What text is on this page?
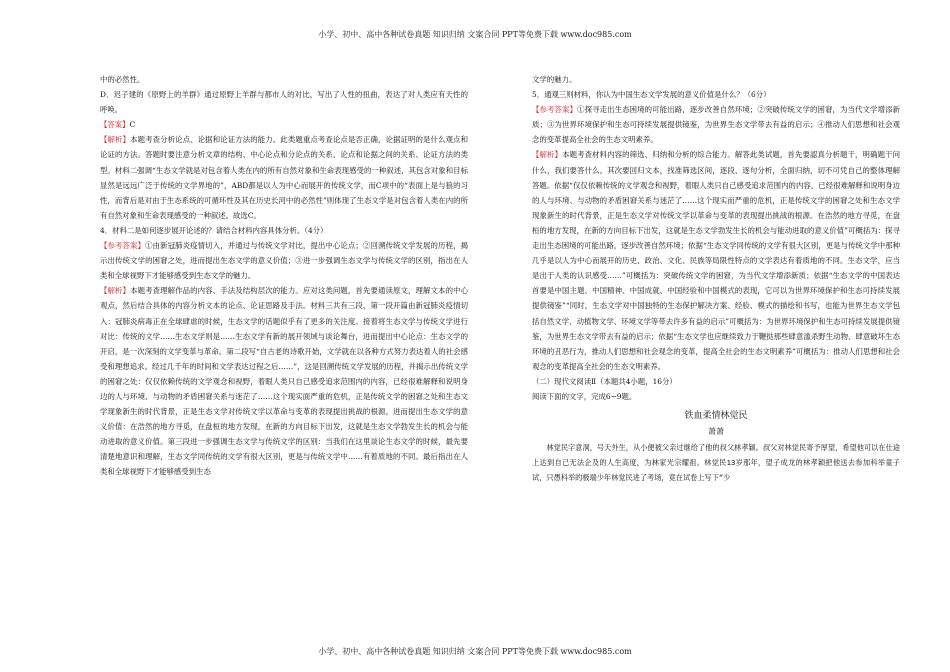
小学、初中、高中各种试卷真题 知识归纳 文案合同 PPT等免费下载 www.doc985.com

中的必然性。

D．迟子建的《原野上的羊群》通过原野上羊群与都市人的对比，写出了人性的扭曲，表达了对人类应有天性的呼唤。

【答案】C

【解析】本题考查分析论点、论据和论证方法的能力。此类题重点考查论点是否正确，论据证明的是什么观点和论证的方法。答题时要注意分析文章的结构、中心论点和分论点的关系、论点和论据之间的关系、论证方法的类型。材料二强调“生态文学就是对包含着人类在内的所有自然对象和生命表现感受的一种叙述，其包含对象和目标显然是远远广泛于传统的文学界地的”，ABD都是以人为中心而展开的传统文学，而C项中的“表面上是与狼的习性，而背后是对由于生态系统的可循环性及其在历史长河中的必然性”则体现了生态文学是对包含着人类在内的所有自然对象和生命表现感受的一种叙述。故选C。

4．材料二是如何逐步展开论述的？请结合材料内容具体分析。（4分）

【参考答案】①由新冠肺炎疫情切入，并通过与传统文学对比，提出中心论点；②回溯传统文学发展的历程，揭示出传统文学的困窘之处，进而提出生态文学的意义价值；③进一步强调生态文学与传统文学的区别，指出在人类和全球视野下才能够感受到生态文学的魅力。

【解析】本题考查理解作品的内容、手法及结构层次的能力。应对这类问题，首先要通读原文，理解文本的中心观点，然后结合具体的内容分析文本的论点、论证思路及手法。材料三共有三段，第一段开篇由新冠肺炎疫情切入：冠肺炎病毒正在全球肆虐的时候，生态文学的话题似乎有了更多的关注度。接着将生态文学与传统文学进行对比：传统的文学……生态文学则是……生态文学有新的展开领域与谈论舞台，进而提出中心论点：生态文学的开启，是一次深刻的文学变革与革命。第二段写“自古老的诗歌开始，文学就在以各种方式努力表达着人的社会感受和理想追求。经过几千年的时间和文学表达过程之后……”，这是回溯传统文学发展的历程，并揭示出传统文学的困窘之处：仅仅依赖传统的文学观念和视野，着眼人类只自己感受追求范围内的内容，已经很难解释和说明身边的人与环境、与动物的矛盾困窘关系与迷茫了……这个现实面严重的危机，正是传统文学的困窘之处和生态文学现象新生的时代背景，正是生态文学对传统文学以革命与变革的表现提出挑战的根源。进而提出生态文学的意义价值：在浩然的地方寻觅，在盘桓的地方发现，在新的方向目标下出发，这就是生态文学勃发生长的机会与能动进取的意义价值。第三段进一步强调生态文学与传统文学的区别：当我们在这里谈论生态文学的时候，最先要清楚地意识和理解，生态文学同传统的文学有很大区别，更是与传统文学中……有着质地的不同。最后指出在人类和全球视野下才能够感受到生态

文学的魅力。

5．通观三则材料，你认为中国生态文学发展的意义价值是什么？（6分）

【参考答案】①探寻走出生态困境的可能出路，逐步改善自然环境；②突破传统文学的困窘，为当代文学增添新质；③为世界环境保护和生态可持续发展提供镜鉴，为世界生态文学带去有益的启示；④推动人们思想和社会观念的变革提高全社会的生态文明素养。

【解析】本题考查材料内容的筛选、归纳和分析的综合能力。解答此类试题，首先要認真分析题干，明确题干问什么，我们要答什么。其次要回归文本，找准筛选区间，逐段、逐句分析，全面归纳，切不可凭自己的整体理解答题。依据“仅仅依赖传统的文学观念和视野，着眼人类只自己感受追求范围内的内容，已经很难解释和说明身边的人与环境、与动物的矛盾困窘关系与迷茫了……这个现实而严重的危机，正是传统文学的困窘之处和生态文学现象新生的时代背景，正是生态文学对传统文学以革命与变革的表现提出挑战的根源。在浩然的地方寻觅，在盘桓的地方发现，在新的方向目标下出发，这就是生态文学勃发生长的机会与能动进取的意义价值”可概括为：探寻走出生态困境的可能出路，逐步改善自然环境；依据“生态文学同传统的文学有很大区别，更是与传统文学中那种几乎是以人为中心而展开的历史、政治、文化、民族等局限性特点的文学表达有着质地的不同。生态文学，应当是出于人类的认识感受……”可概括为：突破传统文学的困窘，为当代文学增添新质；依据“生态文学的中国表达首要是中国主题、中国精神、中国成就、中国经验和中国模式的表现，它可以为世界环境保护和生态可持续发展提供镜鉴”“同时，生态文学对中国独特的生态保护解决方案、经验、模式的描绘和书写，也能为世界生态文学包括自然文学、动植物文学、环境文学等带去许多有益的启示”可概括为：为世界环境保护和生态可持续发展提供镜鉴，为世界生态文学带去有益的启示；依据“生态文学也应继续致力于鞭挞那些肆意滥杀野生动物、肆意破坏生态环境的丑恶行为，推动人们思想和社会观念的变革，提高全社会的生态文明素养”可概括为：推动人们思想和社会观念的变革提高全社会的生态文明素养。

（二）现代文阅读Ⅱ（本题共4小题，16分）

阅读下面的文字，完成6~9题。

铁血柔情林觉民

萧萧

林觉民字意洞，号天外生，从小便被父亲过继给了他的叔父林孝颖。叔父对林觉民寄予厚望，希望他可以在仕途上达到自己无法企及的人生高度，为林家光宗耀祖。林觉民13岁那年，望子成龙的林孝颖把他送去参加科举童子试，只愚科举的极端少年林觉民进了考场，竟在试卷上写下“少

小学、初中、高中各种试卷真题 知识归纳 文案合同 PPT等免费下载 www.doc985.com
